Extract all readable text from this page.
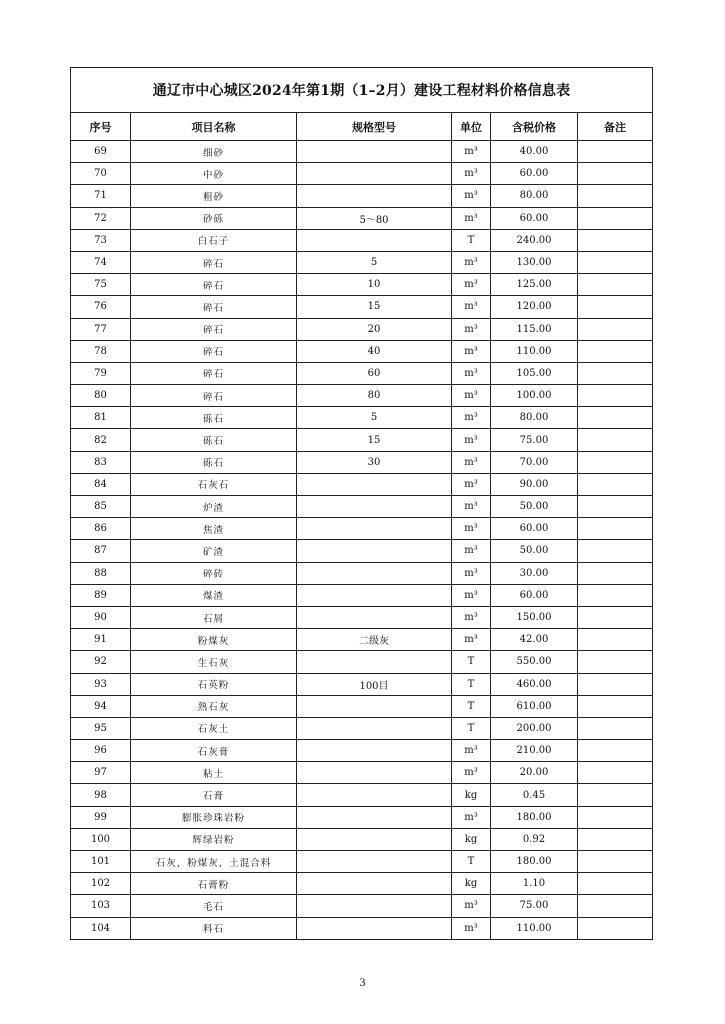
通辽市中心城区2024年第1期（1–2月）建设工程材料价格信息表					
序号	项目名称	规格型号	单位	含税价格	备注
69	细砂		m³	40.00	
70	中砂		m³	60.00	
71	粗砂		m³	80.00	
72	砂砾	5～80	m³	60.00	
73	白石子		T	240.00	
74	碎石	5	m³	130.00	
75	碎石	10	m³	125.00	
76	碎石	15	m³	120.00	
77	碎石	20	m³	115.00	
78	碎石	40	m³	110.00	
79	碎石	60	m³	105.00	
80	碎石	80	m³	100.00	
81	砾石	5	m³	80.00	
82	砾石	15	m³	75.00	
83	砾石	30	m³	70.00	
84	石灰石		m³	90.00	
85	炉渣		m³	50.00	
86	焦渣		m³	60.00	
87	矿渣		m³	50.00	
88	碎砖		m³	30.00	
89	煤渣		m³	60.00	
90	石屑		m³	150.00	
91	粉煤灰	二级灰	m³	42.00	
92	生石灰		T	550.00	
93	石英粉	100目	T	460.00	
94	熟石灰		T	610.00	
95	石灰土		T	200.00	
96	石灰膏		m³	210.00	
97	粘土		m³	20.00	
98	石膏		kg	0.45	
99	膨胀珍珠岩粉		m³	180.00	
100	辉绿岩粉		kg	0.92	
101	石灰，粉煤灰，土混合料		T	180.00	
102	石膏粉		kg	1.10	
103	毛石		m³	75.00	
104	料石		m³	110.00	
3
